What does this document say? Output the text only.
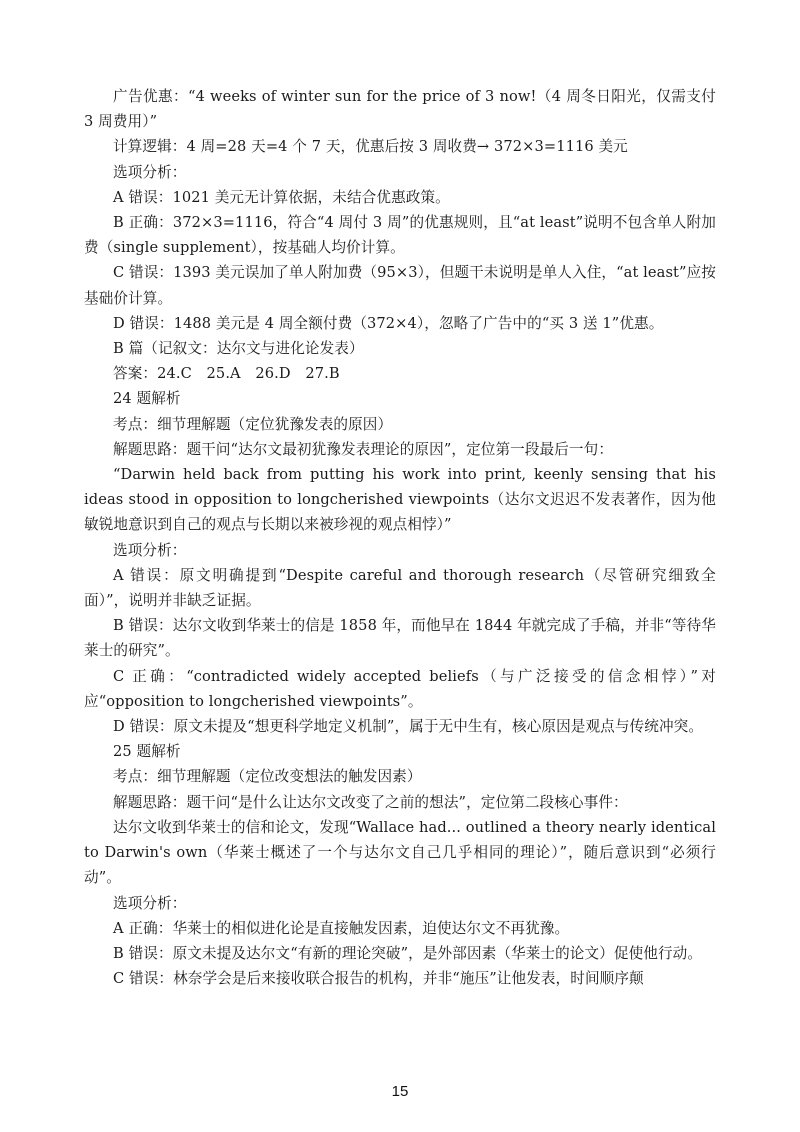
广告优惠：“4 weeks of winter sun for the price of 3 now!（4 周冬日阳光，仅需支付 3 周费用）”

计算逻辑：4 周=28 天=4 个 7 天，优惠后按 3 周收费→ 372×3=1116 美元

选项分析：

A 错误：1021 美元无计算依据，未结合优惠政策。

B 正确：372×3=1116，符合“4 周付 3 周”的优惠规则，且“at least”说明不包含单人附加费（single supplement），按基础人均价计算。

C 错误：1393 美元误加了单人附加费（95×3），但题干未说明是单人入住，“at least”应按基础价计算。

D 错误：1488 美元是 4 周全额付费（372×4），忽略了广告中的“买 3 送 1”优惠。

B 篇（记叙文：达尔文与进化论发表）

答案：24.C　25.A　26.D　27.B

24 题解析

考点：细节理解题（定位犹豫发表的原因）

解题思路：题干问“达尔文最初犹豫发表理论的原因”，定位第一段最后一句：

“Darwin held back from putting his work into print, keenly sensing that his ideas stood in opposition to longcherished viewpoints（达尔文迟迟不发表著作，因为他敏锐地意识到自己的观点与长期以来被珍视的观点相悖）”

选项分析：

A 错误：原文明确提到“Despite careful and thorough research（尽管研究细致全面）”，说明并非缺乏证据。

B 错误：达尔文收到华莱士的信是 1858 年，而他早在 1844 年就完成了手稿，并非“等待华莱士的研究”。

C 正确：“contradicted widely accepted beliefs（与广泛接受的信念相悖）”对应“opposition to longcherished viewpoints”。

D 错误：原文未提及“想更科学地定义机制”，属于无中生有，核心原因是观点与传统冲突。

25 题解析

考点：细节理解题（定位改变想法的触发因素）

解题思路：题干问“是什么让达尔文改变了之前的想法”，定位第二段核心事件：

达尔文收到华莱士的信和论文，发现“Wallace had... outlined a theory nearly identical to Darwin's own（华莱士概述了一个与达尔文自己几乎相同的理论）”，随后意识到“必须行动”。

选项分析：

A 正确：华莱士的相似进化论是直接触发因素，迫使达尔文不再犹豫。

B 错误：原文未提及达尔文“有新的理论突破”，是外部因素（华莱士的论文）促使他行动。

C 错误：林奈学会是后来接收联合报告的机构，并非“施压”让他发表，时间顺序颠

15
